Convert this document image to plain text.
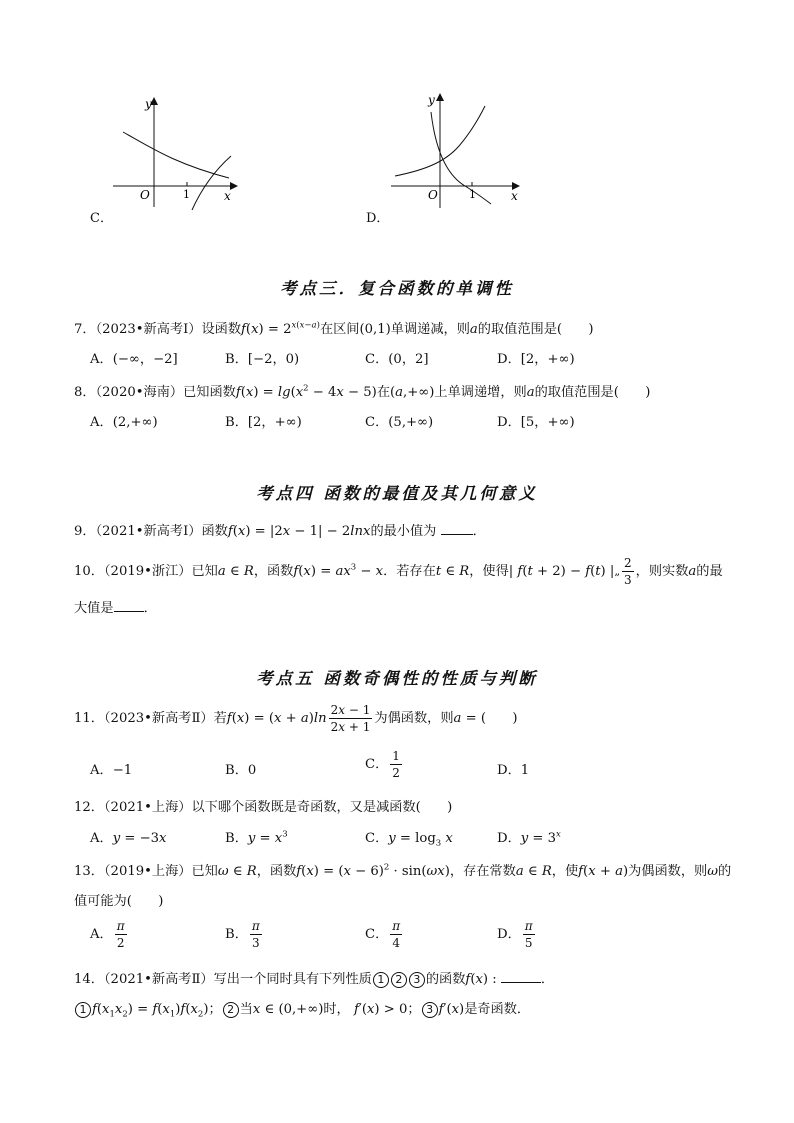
y
x
O	1
C．
y
x
O	1
D．
考点三．复合函数的单调性
7．（2023•新高考Ⅰ）设函数$f(x) = 2^{x(x-a)}$在区间(0,1)单调递减，则a的取值范围是(　　)
A．(−∞，−2]	B．[−2，0)	C．(0，2]	D．[2，+∞)
8．（2020•海南）已知函数$f(x) = \lg(x^2 - 4x - 5)$在(a,+∞)上单调递增，则a的取值范围是(　　)
A．(2,+∞)	B．[2，+∞)	C．(5,+∞)	D．[5，+∞)
考点四 函数的最值及其几何意义
9．（2021•新高考Ⅰ）函数f(x) = |2x − 1| − 2lnx的最小值为	．
10．（2019•浙江）已知a ∈ R，函数$f(x) = ax^3 - x$．若存在t ∈ R，使得| f(t + 2) − f(t) |„ $\frac{2}{3}$ ，则实数a的最
大值是 ．
考点五 函数奇偶性的性质与判断
11．（2023•新高考Ⅱ）若$f(x) = (x + a)\ln \frac{2x - 1}{2x + 1}$ 为偶函数，则a = (　　)
A．−1	B．0	C． $\frac{1}{2}$	D．1
12．（2021•上海）以下哪个函数既是奇函数，又是减函数(　　)
A．y = −3x	B．$y = x^3$	C．$y = \log_3 x$	D．$y = 3^x$
13．（2019•上海）已知ω ∈ R，函数$f(x) = (x - 6)^2 \cdot \sin(\omega x)$，存在常数a ∈ R，使f(x + a)为偶函数，则ω的
值可能为(　　)
A． $\frac{\pi}{2}$	B． $\frac{\pi}{3}$	C． $\frac{\pi}{4}$	D． $\frac{\pi}{5}$
14．（2021•新高考Ⅱ）写出一个同时具有下列性质 1 2 3 的函数f(x) :	．
1 $f(x_1x_2) = f(x_1)f(x_2)$； 2 当x ∈ (0,+∞)时， f′(x) > 0； 3 f′(x)是奇函数．
